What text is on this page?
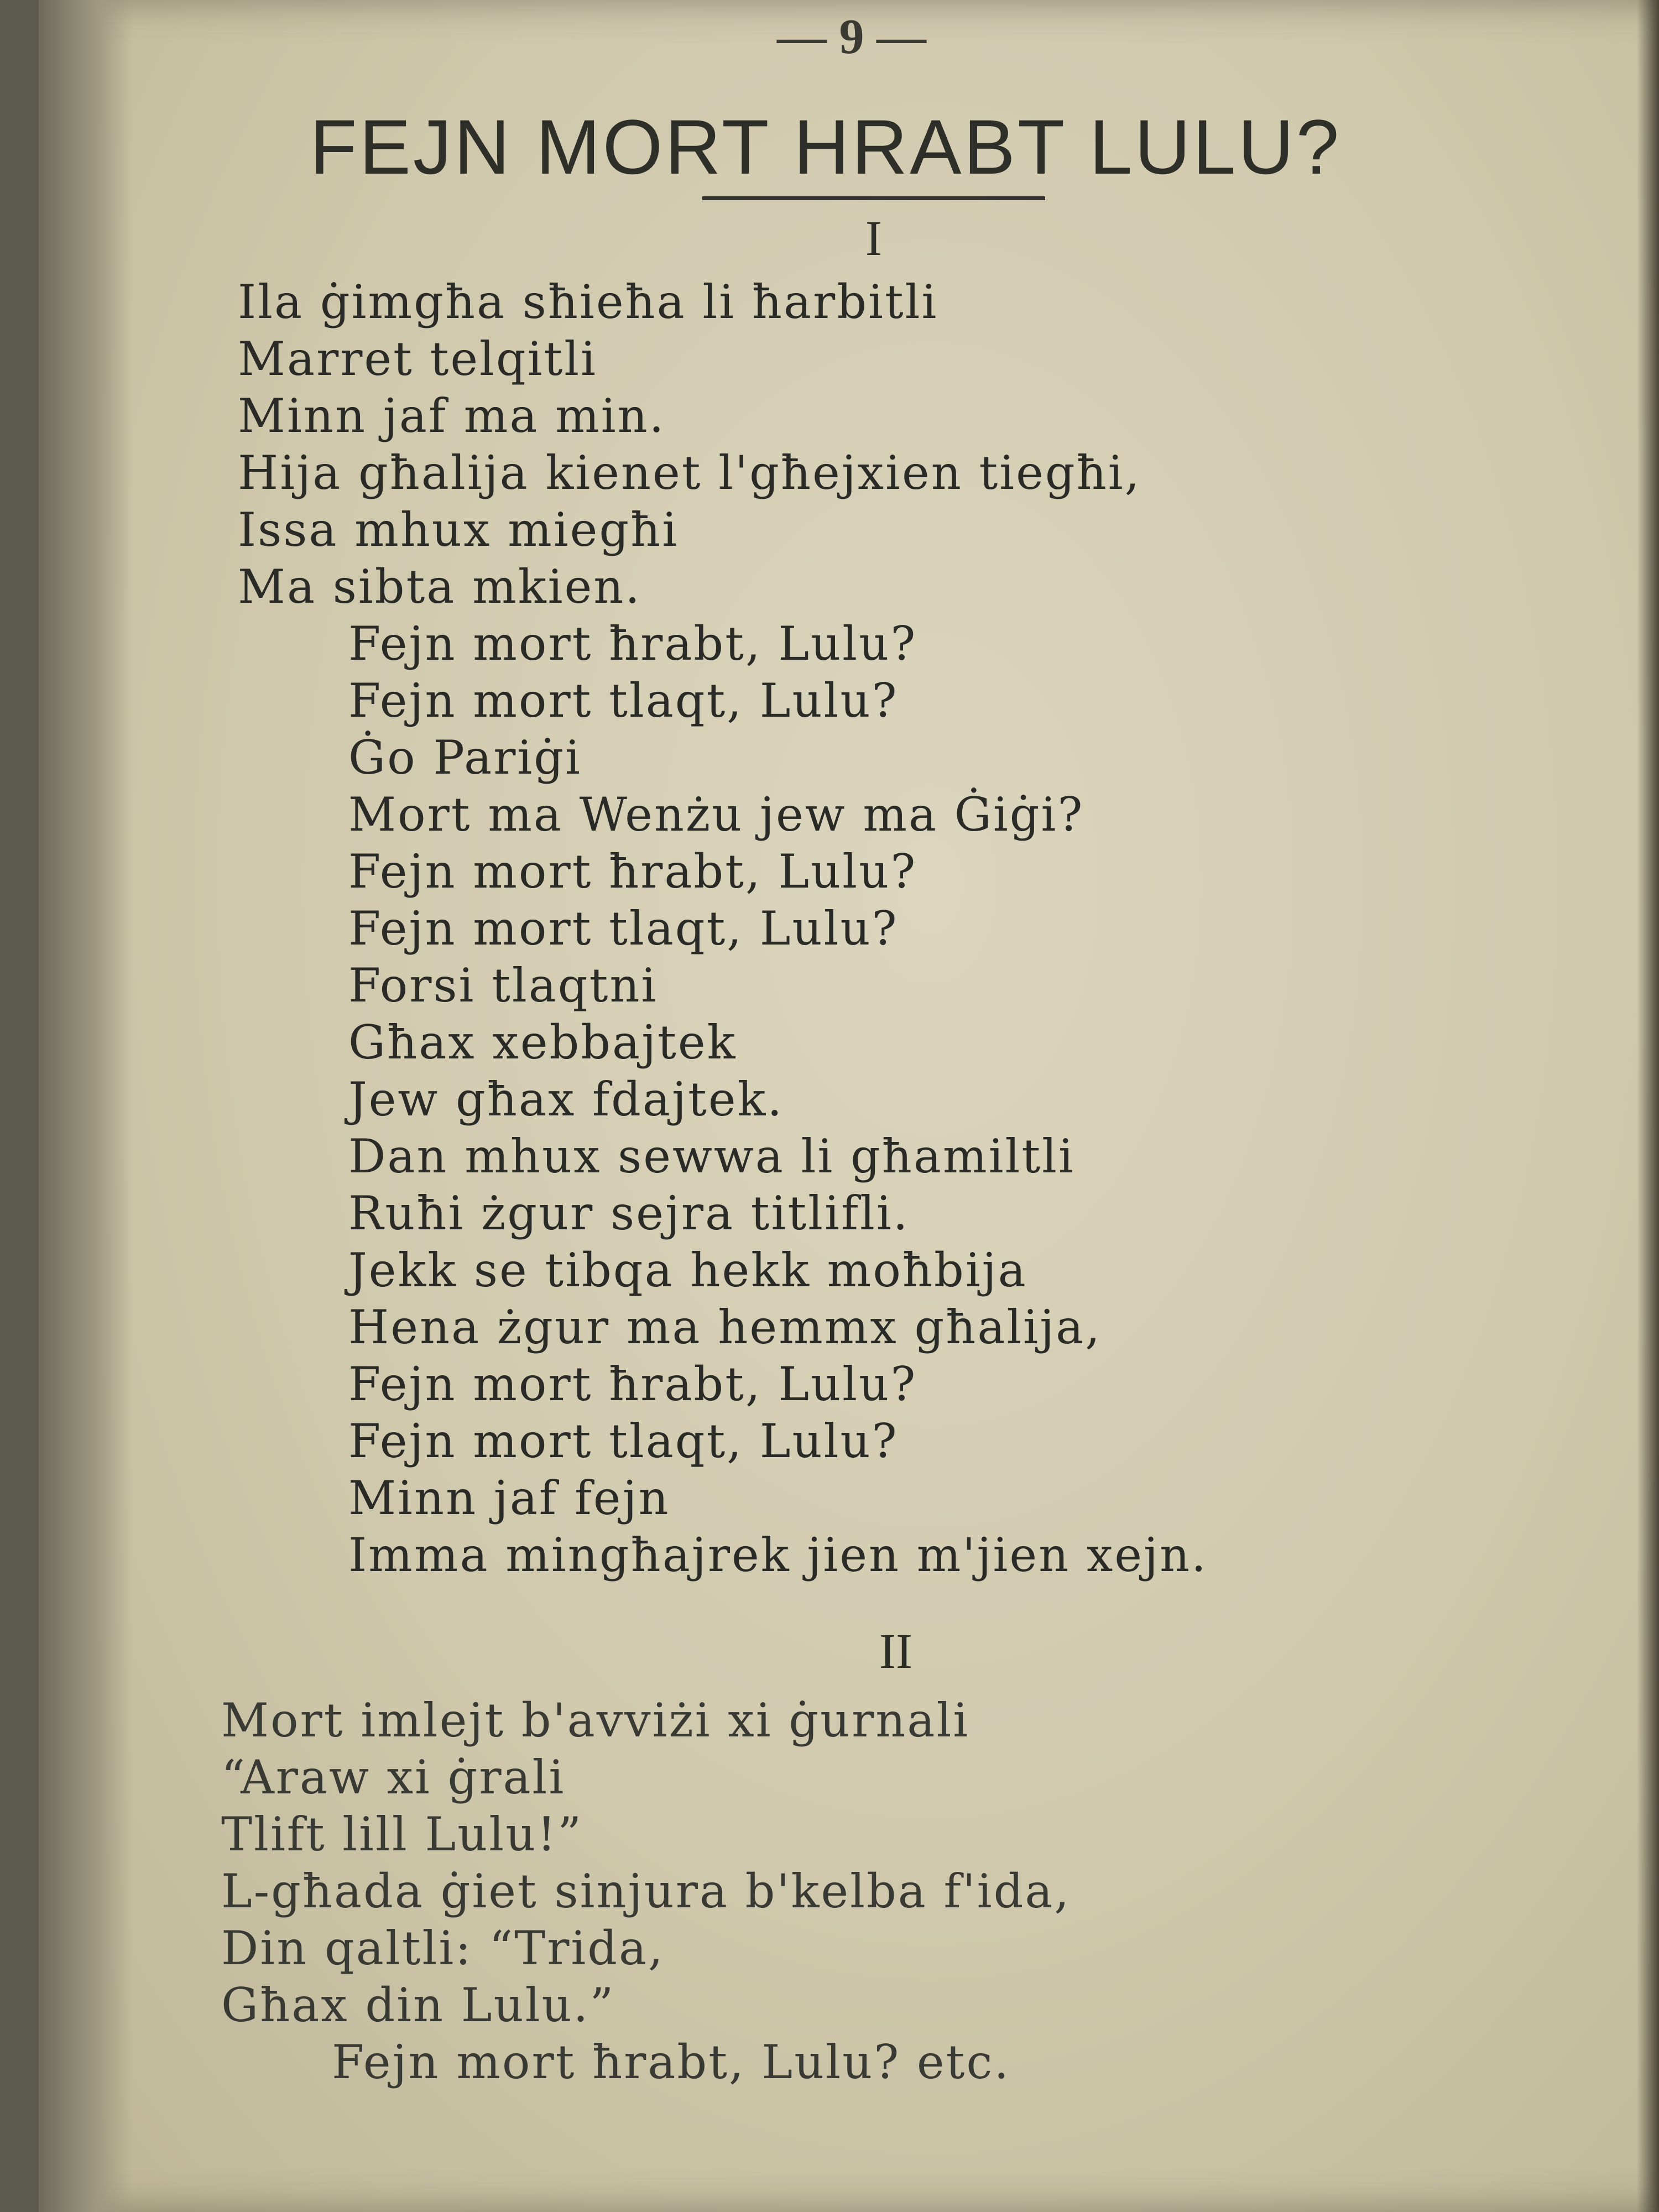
— 9 —
FEJN MORT HRABT LULU?
I
Ila ġimgħa sħieħa li ħarbitli
Marret telqitli
Minn jaf ma min.
Hija għalija kienet l'għejxien tiegħi,
Issa mhux miegħi
Ma sibta mkien.
Fejn mort ħrabt, Lulu?
Fejn mort tlaqt, Lulu?
Ġo Pariġi
Mort ma Wenżu jew ma Ġiġi?
Fejn mort ħrabt, Lulu?
Fejn mort tlaqt, Lulu?
Forsi tlaqtni
Għax xebbajtek
Jew għax fdajtek.
Dan mhux sewwa li għamiltli
Ruħi żgur sejra titlifli.
Jekk se tibqa hekk moħbija
Hena żgur ma hemmx għalija,
Fejn mort ħrabt, Lulu?
Fejn mort tlaqt, Lulu?
Minn jaf fejn
Imma mingħajrek jien m'jien xejn.
II
Mort imlejt b'avviżi xi ġurnali
“Araw xi ġrali
Tlift lill Lulu!”
L-għada ġiet sinjura b'kelba f'ida,
Din qaltli: “Trida,
Għax din Lulu.”
Fejn mort ħrabt, Lulu? etc.
